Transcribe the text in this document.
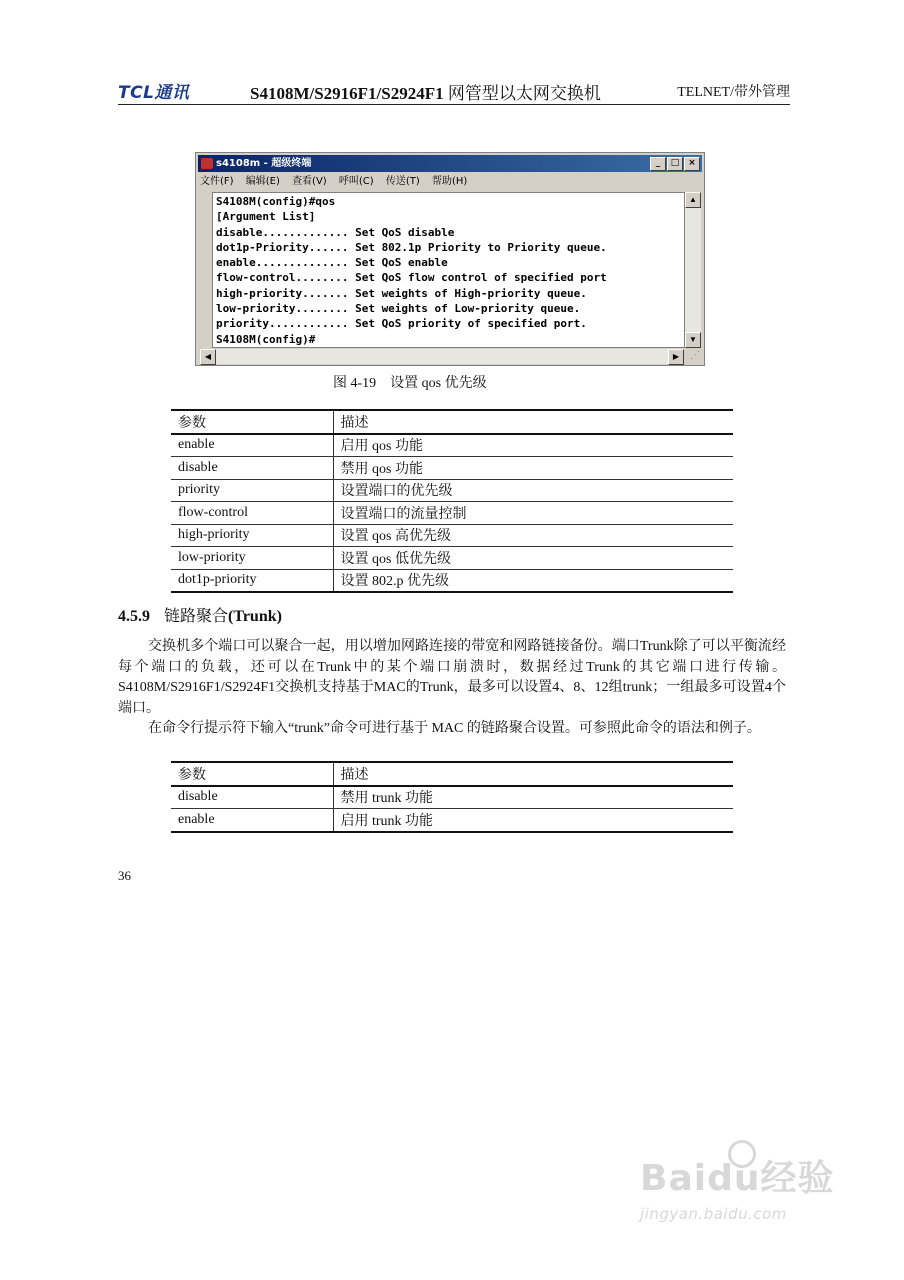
TCL通讯	S4108M/S2916F1/S2924F1 网管型以太网交换机	TELNET/带外管理
s4108m - 超级终端	_ □ ×
文件(F) 编辑(E) 查看(V) 呼叫(C) 传送(T) 帮助(H)
S4108M(config)#qos
[Argument List]
disable............. Set QoS disable
dot1p-Priority...... Set 802.1p Priority to Priority queue.
enable.............. Set QoS enable
flow-control........ Set QoS flow control of specified port
high-priority....... Set weights of High-priority queue.
low-priority........ Set weights of Low-priority queue.
priority............ Set QoS priority of specified port.
S4108M(config)#
▲
▼
◀	▶	⋰
图 4-19　设置 qos 优先级
参数	描述
enable	启用 qos 功能
disable	禁用 qos 功能
priority	设置端口的优先级
flow-control	设置端口的流量控制
high-priority	设置 qos 高优先级
low-priority	设置 qos 低优先级
dot1p-priority	设置 802.p 优先级
4.5.9 链路聚合(Trunk)
交换机多个端口可以聚合一起，用以增加网路连接的带宽和网路链接备份。端口Trunk除了可以平衡流经每个端口的负载，还可以在Trunk中的某个端口崩溃时，数据经过Trunk的其它端口进行传输。S4108M/S2916F1/S2924F1交换机支持基于MAC的Trunk，最多可以设置4、8、12组trunk；一组最多可设置4个端口。
在命令行提示符下输入“trunk”命令可进行基于 MAC 的链路聚合设置。可参照此命令的语法和例子。
参数	描述
disable	禁用 trunk 功能
enable	启用 trunk 功能
36
Baidu经验
jingyan.baidu.com
